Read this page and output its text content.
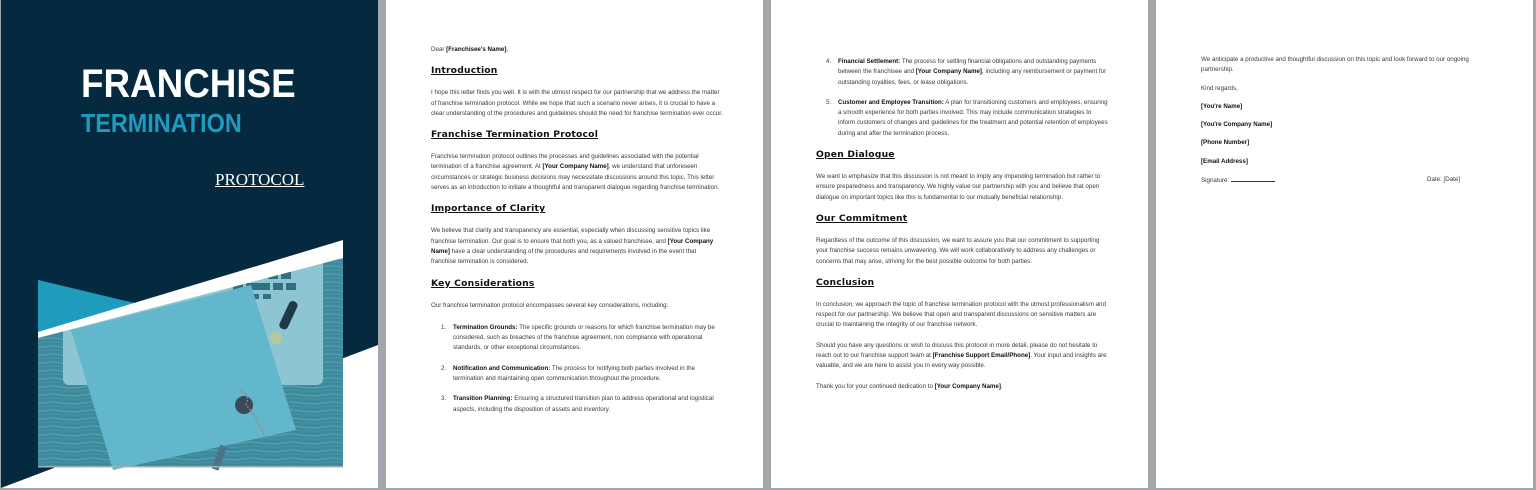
FRANCHISE
TERMINATION
PROTOCOL

Dear [Franchisee's Name],

Introduction

I hope this letter finds you well. It is with the utmost respect for our partnership that we address the matter of franchise termination protocol. While we hope that such a scenario never arises, it is crucial to have a clear understanding of the procedures and guidelines should the need for franchise termination ever occur.

Franchise Termination Protocol

Franchise termination protocol outlines the processes and guidelines associated with the potential termination of a franchise agreement. At [Your Company Name], we understand that unforeseen circumstances or strategic business decisions may necessitate discussions around this topic. This letter serves as an introduction to initiate a thoughtful and transparent dialogue regarding franchise termination.

Importance of Clarity

We believe that clarity and transparency are essential, especially when discussing sensitive topics like franchise termination. Our goal is to ensure that both you, as a valued franchisee, and [Your Company Name] have a clear understanding of the procedures and requirements involved in the event that franchise termination is considered.

Key Considerations

Our franchise termination protocol encompasses several key considerations, including:

1. Termination Grounds: The specific grounds or reasons for which franchise termination may be considered, such as breaches of the franchise agreement, non compliance with operational standards, or other exceptional circumstances.

2. Notification and Communication: The process for notifying both parties involved in the termination and maintaining open communication throughout the procedure.

3. Transition Planning: Ensuring a structured transition plan to address operational and logistical aspects, including the disposition of assets and inventory.

4. Financial Settlement: The process for settling financial obligations and outstanding payments between the franchisee and [Your Company Name], including any reimbursement or payment for outstanding royalties, fees, or lease obligations.

5. Customer and Employee Transition: A plan for transitioning customers and employees, ensuring a smooth experience for both parties involved. This may include communication strategies to inform customers of changes and guidelines for the treatment and potential retention of employees during and after the termination process.

Open Dialogue

We want to emphasize that this discussion is not meant to imply any impending termination but rather to ensure preparedness and transparency. We highly value our partnership with you and believe that open dialogue on important topics like this is fundamental to our mutually beneficial relationship.

Our Commitment

Regardless of the outcome of this discussion, we want to assure you that our commitment to supporting your franchise success remains unwavering. We will work collaboratively to address any challenges or concerns that may arise, striving for the best possible outcome for both parties.

Conclusion

In conclusion, we approach the topic of franchise termination protocol with the utmost professionalism and respect for our partnership. We believe that open and transparent discussions on sensitive matters are crucial to maintaining the integrity of our franchise network.

Should you have any questions or wish to discuss this protocol in more detail, please do not hesitate to reach out to our franchise support team at [Franchise Support Email/Phone]. Your input and insights are valuable, and we are here to assist you in every way possible.

Thank you for your continued dedication to [Your Company Name].

We anticipate a productive and thoughtful discussion on this topic and look forward to our ongoing partnership.

Kind regards,

[You're Name]

[You're Company Name]

[Phone Number]

[Email Address]

Signature:	Date: [Date]
